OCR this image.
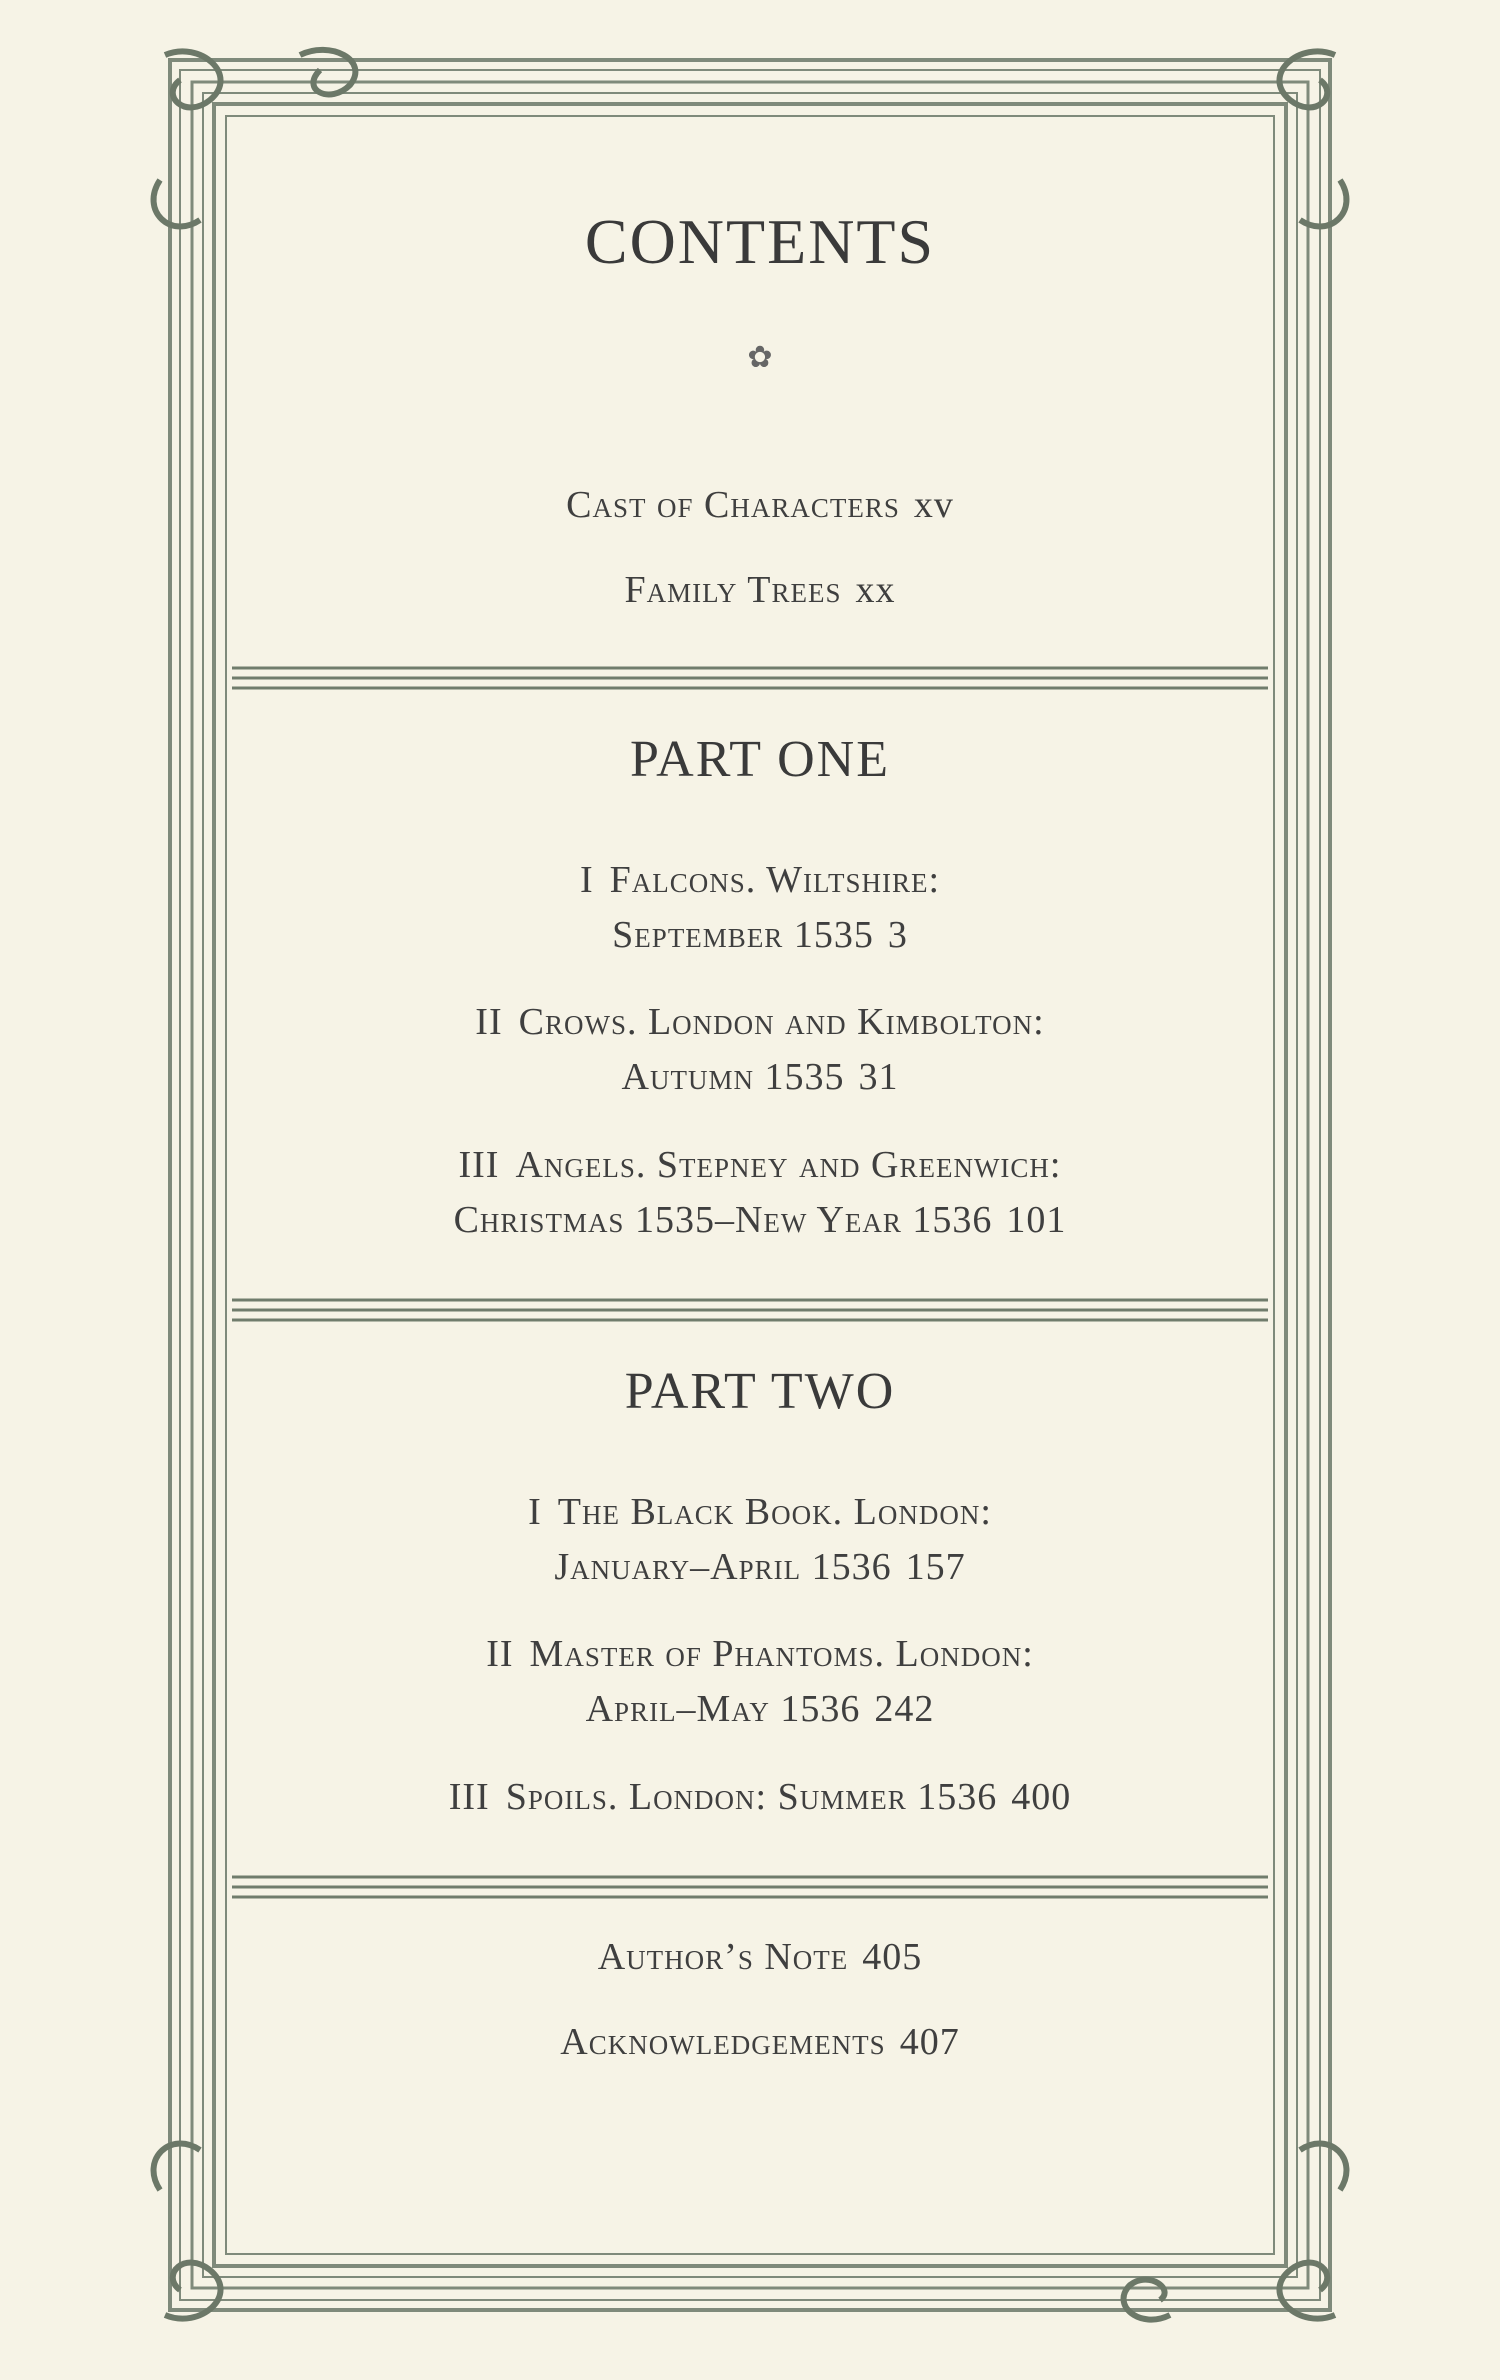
CONTENTS
✿
Cast of Characters xv
Family Trees xx
PART ONE
I Falcons. Wiltshire:
September 1535 3
II Crows. London and Kimbolton:
Autumn 1535 31
III Angels. Stepney and Greenwich:
Christmas 1535–New Year 1536 101
PART TWO
I The Black Book. London:
January–April 1536 157
II Master of Phantoms. London:
April–May 1536 242
III Spoils. London: Summer 1536 400
Author’s Note 405
Acknowledgements 407
